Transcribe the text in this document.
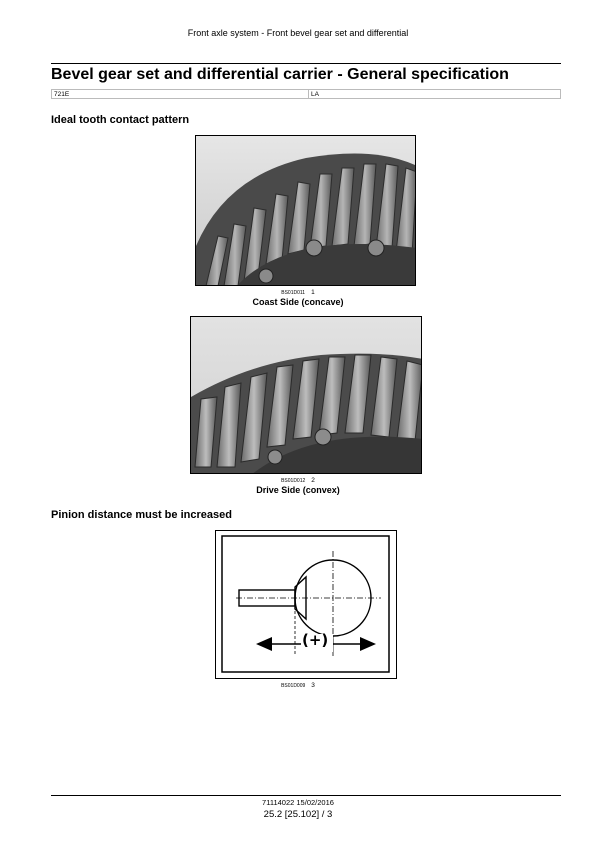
Front axle system - Front bevel gear set and differential
Bevel gear set and differential carrier - General specification
721E	LA
Ideal tooth contact pattern
BS01D011 1
Coast Side (concave)
BS01D012 2
Drive Side (convex)
Pinion distance must be increased
(+)
BS01D009 3
71114022 15/02/2016
25.2 [25.102] / 3
